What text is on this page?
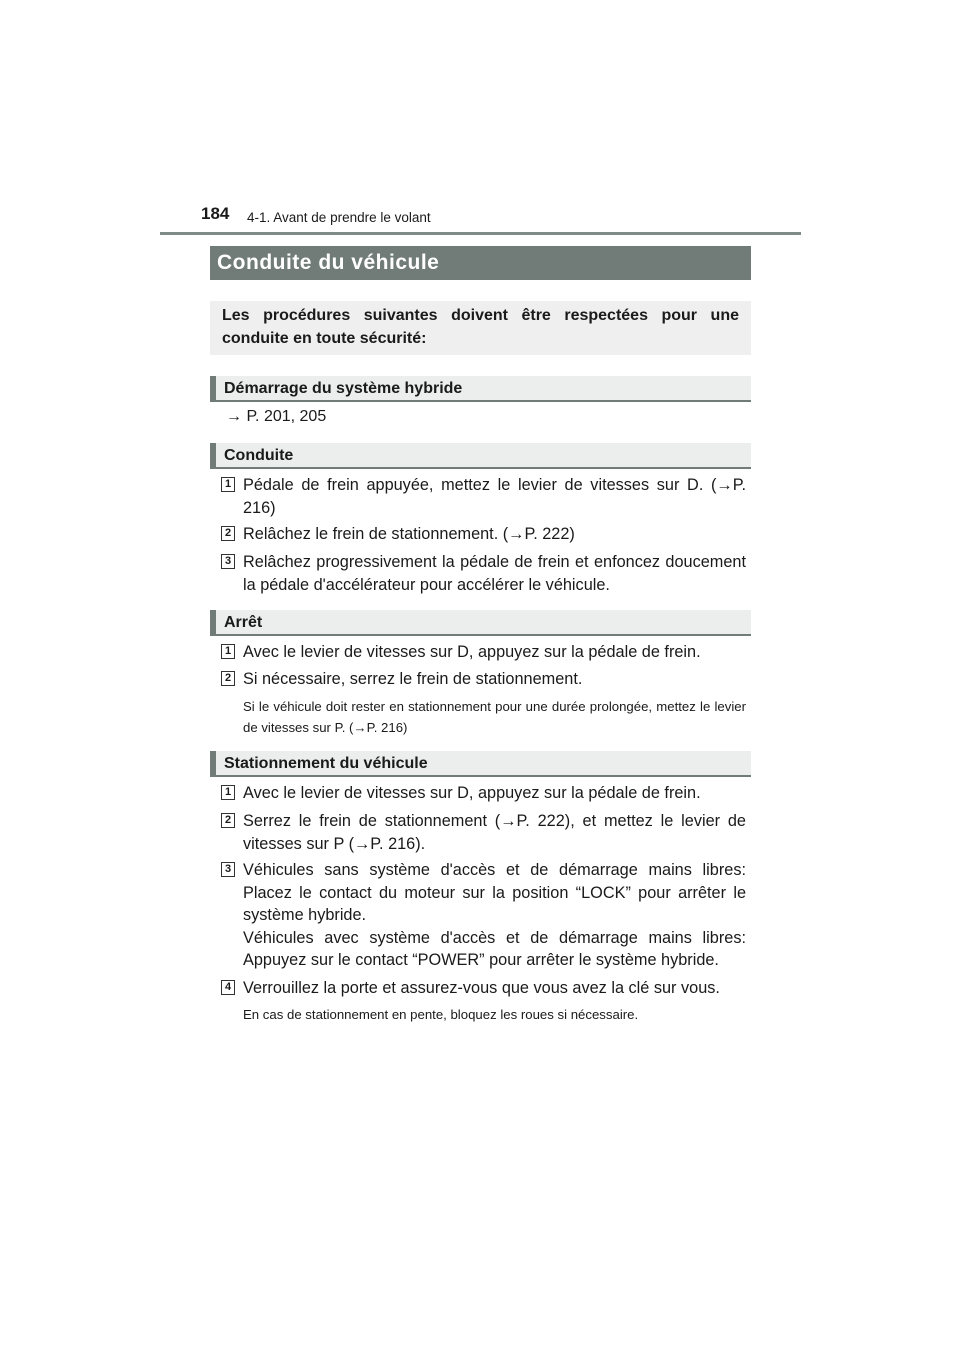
184 4-1. Avant de prendre le volant
Conduite du véhicule
Les procédures suivantes doivent être respectées pour une conduite en toute sécurité:
Démarrage du système hybride
→ P. 201, 205
Conduite
1 Pédale de frein appuyée, mettez le levier de vitesses sur D. (→P. 216)
2 Relâchez le frein de stationnement. (→P. 222)
3 Relâchez progressivement la pédale de frein et enfoncez doucement la pédale d'accélérateur pour accélérer le véhicule.
Arrêt
1 Avec le levier de vitesses sur D, appuyez sur la pédale de frein.
2 Si nécessaire, serrez le frein de stationnement.
Si le véhicule doit rester en stationnement pour une durée prolongée, mettez le levier de vitesses sur P. (→P. 216)
Stationnement du véhicule
1 Avec le levier de vitesses sur D, appuyez sur la pédale de frein.
2 Serrez le frein de stationnement (→P. 222), et mettez le levier de vitesses sur P (→P. 216).
3 Véhicules sans système d'accès et de démarrage mains libres: Placez le contact du moteur sur la position “LOCK” pour arrêter le système hybride.
Véhicules avec système d'accès et de démarrage mains libres: Appuyez sur le contact “POWER” pour arrêter le système hybride.
4 Verrouillez la porte et assurez-vous que vous avez la clé sur vous.
En cas de stationnement en pente, bloquez les roues si nécessaire.
